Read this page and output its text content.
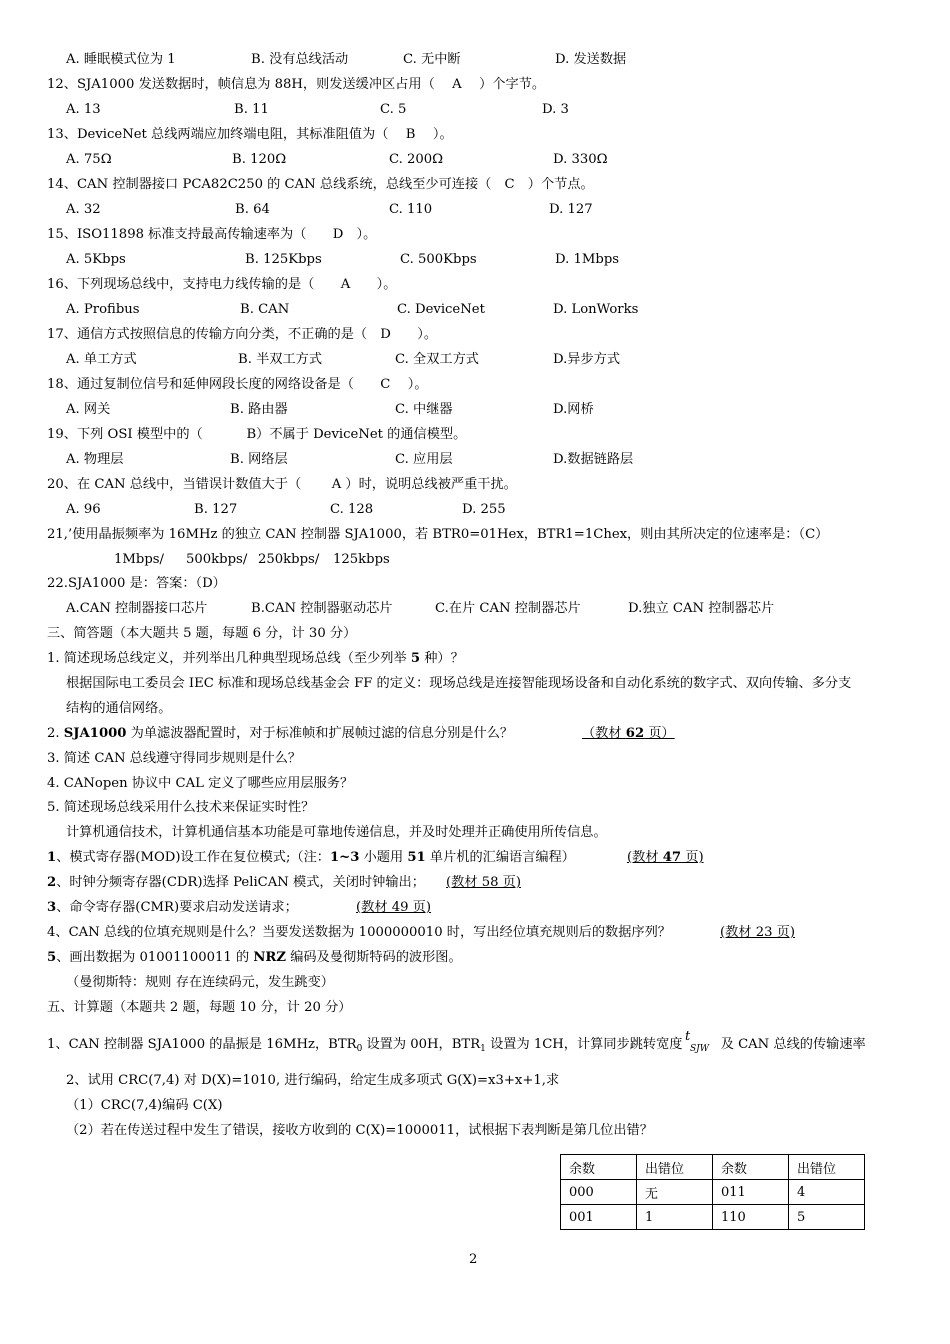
A. 睡眠模式位为 1	B. 没有总线活动	C. 无中断	D. 发送数据
12、SJA1000 发送数据时，帧信息为 88H，则发送缓冲区占用（　 A　 ）个字节。
A. 13	B. 11	C. 5	D. 3
13、DeviceNet 总线两端应加终端电阻，其标准阻值为（　 B　 ）。
A. 75Ω	B. 120Ω	C. 200Ω	D. 330Ω
14、CAN 控制器接口 PCA82C250 的 CAN 总线系统，总线至少可连接（　C　）个节点。
A. 32	B. 64	C. 110	D. 127
15、ISO11898 标准支持最高传输速率为（　　D　）。
A. 5Kbps	B. 125Kbps	C. 500Kbps	D. 1Mbps
16、下列现场总线中，支持电力线传输的是（　　A　　）。
A. Profibus	B. CAN	C. DeviceNet	D. LonWorks
17、通信方式按照信息的传输方向分类，不正确的是（　D　　）。
A. 单工方式	B. 半双工方式	C. 全双工方式	D.异步方式
18、通过复制位信号和延伸网段长度的网络设备是（　　C　 ）。
A. 网关	B. 路由器	C. 中继器	D.网桥
19、下列 OSI 模型中的（　　　 B）不属于 DeviceNet 的通信模型。
A. 物理层	B. 网络层	C. 应用层	D.数据链路层
20、在 CAN 总线中，当错误计数值大于（　　 A ）时，说明总线被严重干扰。
A. 96	B. 127	C. 128	D. 255
21,’使用晶振频率为 16MHz 的独立 CAN 控制器 SJA1000，若 BTR0=01Hex，BTR1=1Chex，则由其所决定的位速率是：（C）
1Mbps/ 500kbps/ 250kbps/ 125kbps
22.SJA1000 是：答案：（D）
A.CAN 控制器接口芯片	B.CAN 控制器驱动芯片	C.在片 CAN 控制器芯片	D.独立 CAN 控制器芯片
三、简答题（本大题共 5 题，每题 6 分，计 30 分）
1. 简述现场总线定义，并列举出几种典型现场总线（至少列举 5 种）？
根据国际电工委员会 IEC 标准和现场总线基金会 FF 的定义：现场总线是连接智能现场设备和自动化系统的数字式、双向传输、多分支
结构的通信网络。
2. SJA1000 为单滤波器配置时，对于标准帧和扩展帧过滤的信息分别是什么？	（教材 62 页）
3. 简述 CAN 总线遵守得同步规则是什么？
4. CANopen 协议中 CAL 定义了哪些应用层服务？
5. 简述现场总线采用什么技术来保证实时性？
计算机通信技术，计算机通信基本功能是可靠地传递信息，并及时处理并正确使用所传信息。
1、模式寄存器(MOD)设工作在复位模式;（注：1~3 小题用 51 单片机的汇编语言编程）	(教材 47 页)
2、时钟分频寄存器(CDR)选择 PeliCAN 模式，关闭时钟输出； (教材 58 页)
3、命令寄存器(CMR)要求启动发送请求；	(教材 49 页)
4、CAN 总线的位填充规则是什么？当要发送数据为 1000000010 时，写出经位填充规则后的数据序列？	(教材 23 页)
5、画出数据为 01001100011 的 NRZ 编码及曼彻斯特码的波形图。
（曼彻斯特：规则 存在连续码元，发生跳变）
五、计算题（本题共 2 题，每题 10 分，计 20 分）
1、CAN 控制器 SJA1000 的晶振是 16MHz，$BTR_0$ 设置为 00H，$BTR_1$ 设置为 1CH，计算同步跳转宽度	及 CAN 总线的传输速率
t
SJW
2、试用 CRC(7,4) 对 D(X)=1010, 进行编码，给定生成多项式 G(X)=x3+x+1,求
（1）CRC(7,4)编码 C(X)
（2）若在传送过程中发生了错误，接收方收到的 C(X)=1000011，试根据下表判断是第几位出错？
余数	出错位	余数	出错位
000	无	011	4
001	1	110	5
2
